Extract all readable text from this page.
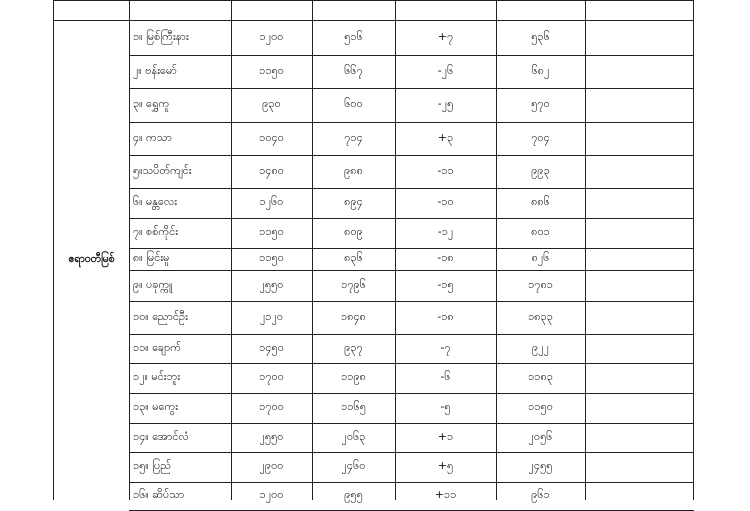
ဧရာဝတီမြစ်
၁။ မြစ်ကြီးနား	၁၂၀၀	၅၁၆	+၇	၅၃၆
၂။ ဗန်းမော်	၁၁၅၀	၆၆၇	-၂၆	၆၈၂
၃။ ရွှေကူ	၉၃၀	၆၀၀	-၂၅	၅၇၀
၄။ ကသာ	၁၀၄၀	၇၁၄	+၃	၇၀၄
၅။သပိတ်ကျင်း	၁၄၈၀	၉၈၈	-၁၁	၉၉၃
၆။ မန္တလေး	၁၂၆၀	၈၉၄	-၁၀	၈၈၆
၇။ စစ်ကိုင်း	၁၁၅၀	၈၀၉	-၁၂	၈၀၁
၈။ မြင်းမူ	၁၁၅၀	၈၃၆	-၁၈	၈၂၆
၉။ ပခုက္ကူ	၂၅၅၀	၁၇၉၆	-၁၅	၁၇၈၁
၁၀။ ညောင်ဦး	၂၁၂၀	၁၈၄၈	-၁၈	၁၈၃၃
၁၁။ ချောက်	၁၄၅၀	၉၃၇	-၇	၉၂၂
၁၂။ မင်းဘူး	၁၇၀၀	၁၁၉၈	-၆	၁၁၈၃
၁၃။ မကွေး	၁၇၀၀	၁၁၆၅	-၅	၁၁၅၀
၁၄။ အောင်လံ	၂၅၅၀	၂၀၆၃	+၁	၂၀၅၆
၁၅။ ပြည်	၂၉၀၀	၂၄၆၀	+၅	၂၄၅၅
၁၆။ ဆိပ်သာ	၁၂၀၀	၉၅၅	+၁၁	၉၆၁
